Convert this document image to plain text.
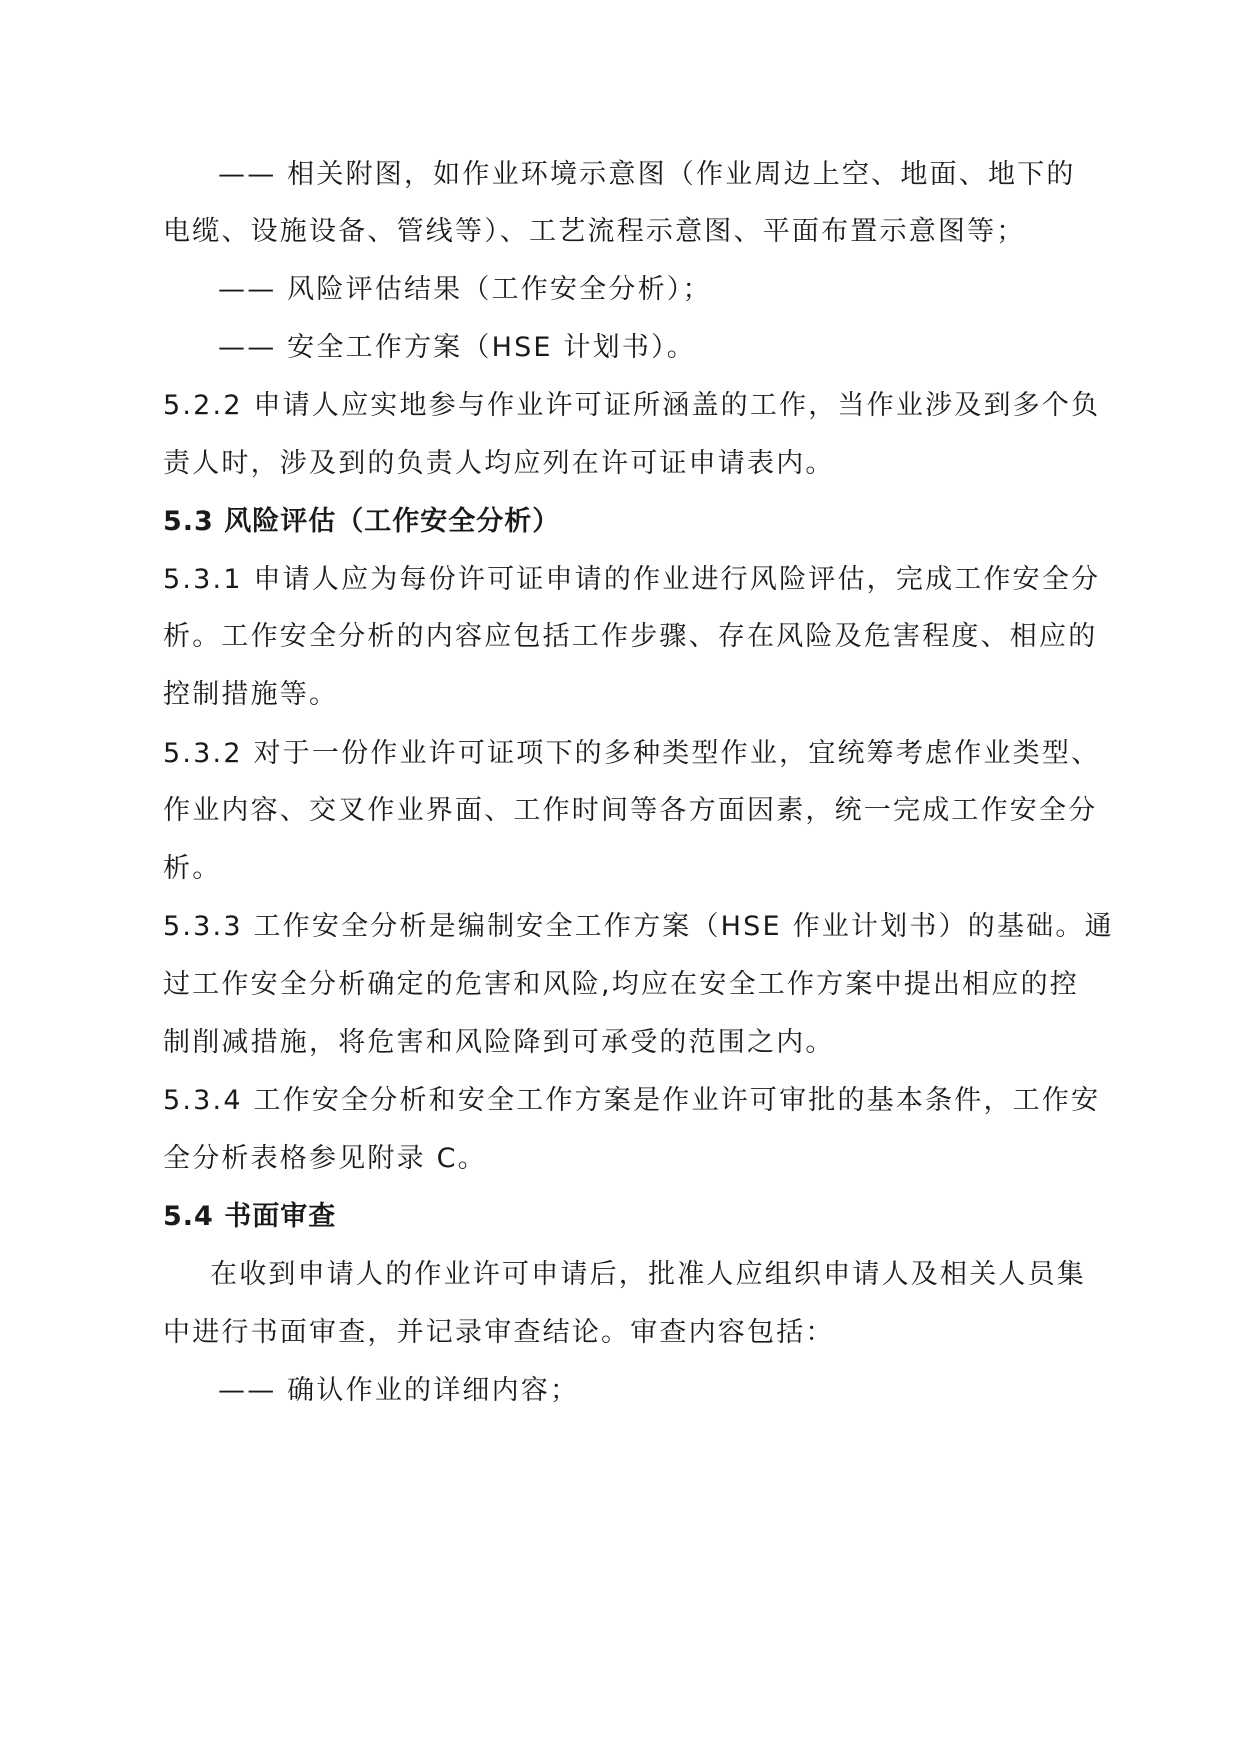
—— 相关附图，如作业环境示意图（作业周边上空、地面、地下的
电缆、设施设备、管线等）、工艺流程示意图、平面布置示意图等；
—— 风险评估结果（工作安全分析）；
—— 安全工作方案（HSE 计划书）。
5.2.2 申请人应实地参与作业许可证所涵盖的工作，当作业涉及到多个负
责人时，涉及到的负责人均应列在许可证申请表内。
5.3 风险评估（工作安全分析）
5.3.1 申请人应为每份许可证申请的作业进行风险评估，完成工作安全分
析。工作安全分析的内容应包括工作步骤、存在风险及危害程度、相应的
控制措施等。
5.3.2 对于一份作业许可证项下的多种类型作业，宜统筹考虑作业类型、
作业内容、交叉作业界面、工作时间等各方面因素，统一完成工作安全分
析。
5.3.3 工作安全分析是编制安全工作方案（HSE 作业计划书）的基础。通
过工作安全分析确定的危害和风险,均应在安全工作方案中提出相应的控
制削减措施，将危害和风险降到可承受的范围之内。
5.3.4 工作安全分析和安全工作方案是作业许可审批的基本条件，工作安
全分析表格参见附录 C。
5.4 书面审查
在收到申请人的作业许可申请后，批准人应组织申请人及相关人员集
中进行书面审查，并记录审查结论。审查内容包括：
—— 确认作业的详细内容；
